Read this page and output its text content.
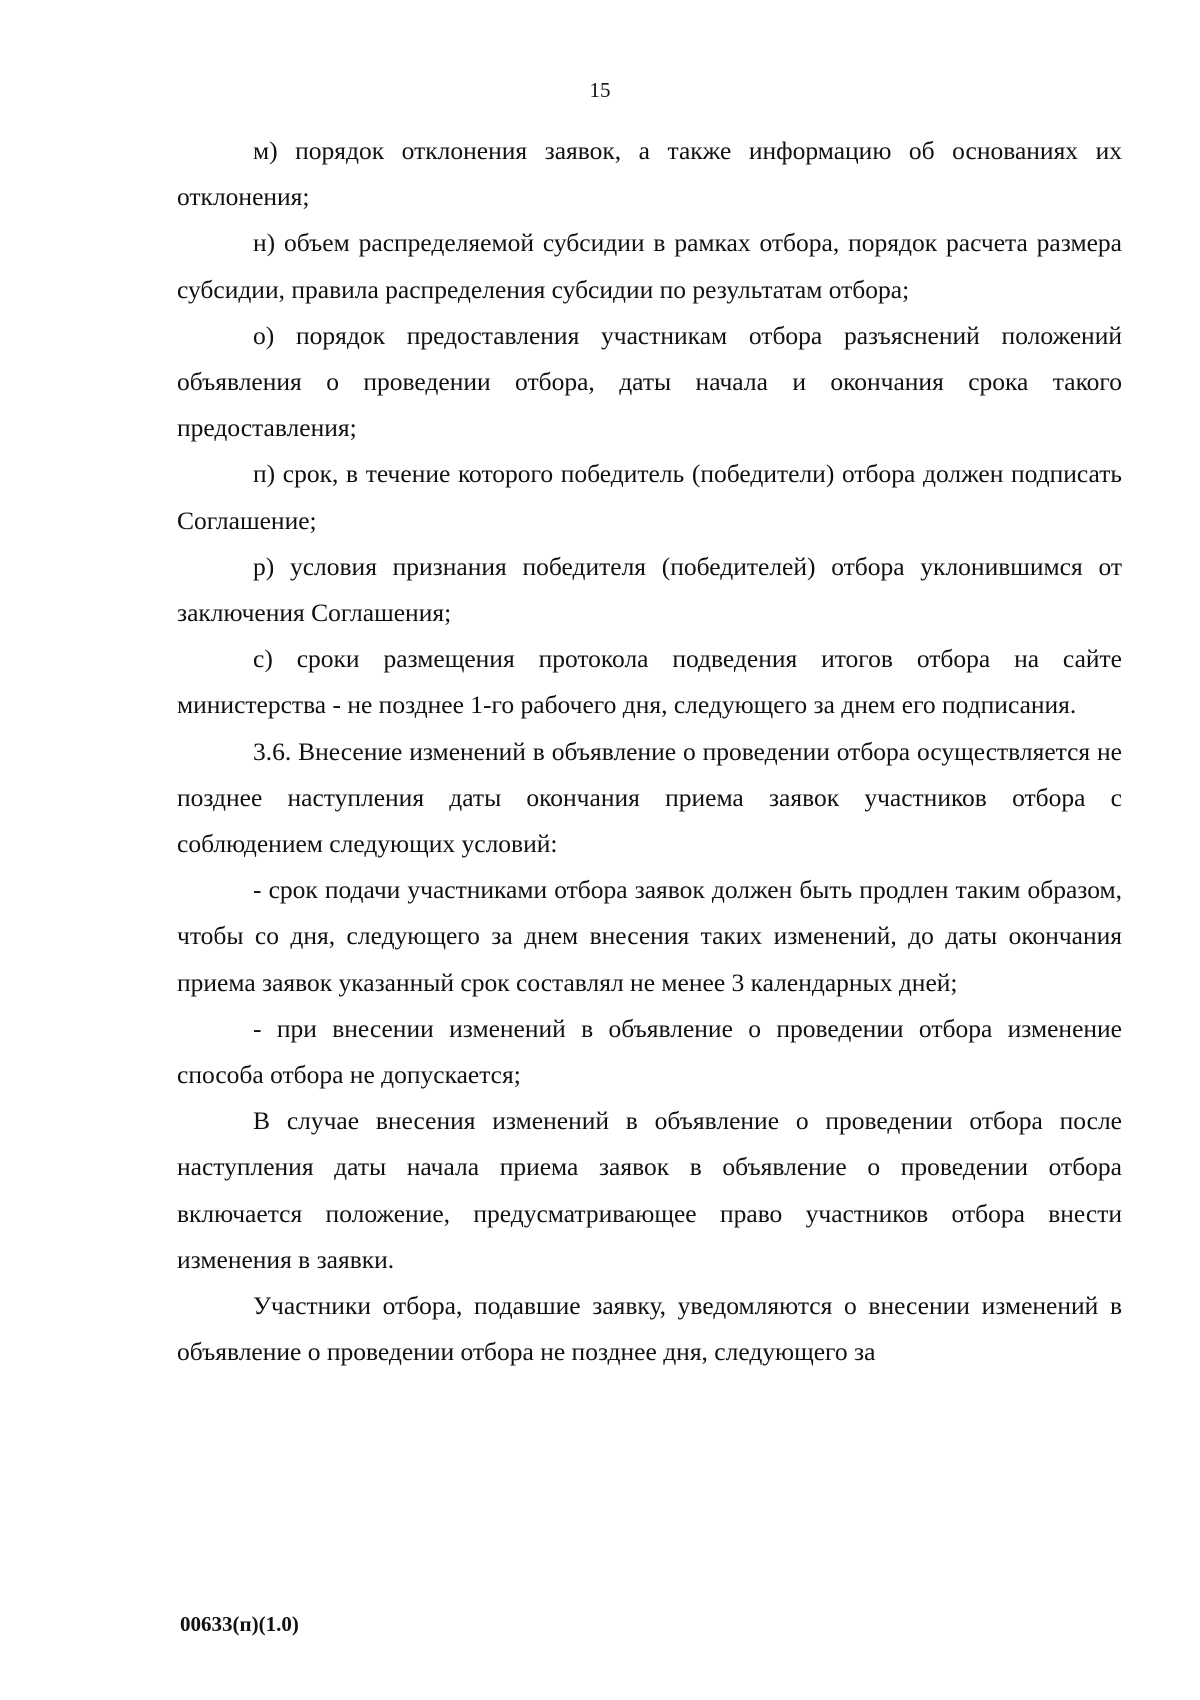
15

м) порядок отклонения заявок, а также информацию об основаниях их отклонения;

н) объем распределяемой субсидии в рамках отбора, порядок расчета размера субсидии, правила распределения субсидии по результатам отбора;

о) порядок предоставления участникам отбора разъяснений положений объявления о проведении отбора, даты начала и окончания срока такого предоставления;

п) срок, в течение которого победитель (победители) отбора должен подписать Соглашение;

р) условия признания победителя (победителей) отбора уклонившимся от заключения Соглашения;

с) сроки размещения протокола подведения итогов отбора на сайте министерства - не позднее 1-го рабочего дня, следующего за днем его подписания.

3.6. Внесение изменений в объявление о проведении отбора осуществляется не позднее наступления даты окончания приема заявок участников отбора с соблюдением следующих условий:

- срок подачи участниками отбора заявок должен быть продлен таким образом, чтобы со дня, следующего за днем внесения таких изменений, до даты окончания приема заявок указанный срок составлял не менее 3 календарных дней;

- при внесении изменений в объявление о проведении отбора изменение способа отбора не допускается;

В случае внесения изменений в объявление о проведении отбора после наступления даты начала приема заявок в объявление о проведении отбора включается положение, предусматривающее право участников отбора внести изменения в заявки.

Участники отбора, подавшие заявку, уведомляются о внесении изменений в объявление о проведении отбора не позднее дня, следующего за

00633(п)(1.0)
